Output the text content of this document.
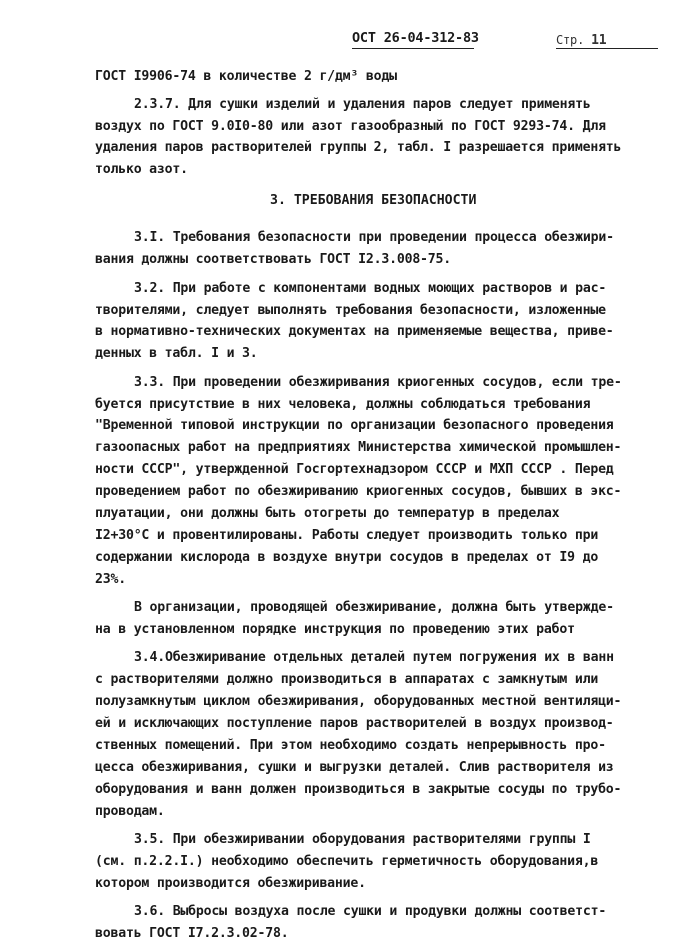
ОСТ 26-04-312-83	Стр. 11
ГОСТ I9906-74 в количестве 2 г/дм³ воды
2.3.7. Для сушки изделий и удаления паров следует применять
воздух по ГОСТ 9.0I0-80 или азот газообразный по ГОСТ 9293-74. Для
удаления паров растворителей группы 2, табл. I разрешается применять
только азот.
3. ТРЕБОВАНИЯ БЕЗОПАСНОСТИ
3.I. Требования безопасности при проведении процесса обезжири-
вания должны соответствовать ГОСТ I2.3.008-75.
3.2. При работе с компонентами водных моющих растворов и рас-
творителями, следует выполнять требования безопасности, изложенные
в нормативно-технических документах на применяемые вещества, приве-
денных в табл. I и 3.
3.3. При проведении обезжиривания криогенных сосудов, если тре-
буется присутствие в них человека, должны соблюдаться требования
"Временной типовой инструкции по организации безопасного проведения
газоопасных работ на предприятиях Министерства химической промышлен-
ности СССР", утвержденной Госгортехнадзором СССР и МХП СССР . Перед
проведением работ по обезжириванию криогенных сосудов, бывших в экс-
плуатации, они должны быть отогреты до температур в пределах
I2+30°С и провентилированы. Работы следует производить только при
содержании кислорода в воздухе внутри сосудов в пределах от I9 до
23%.
В организации, проводящей обезжиривание, должна быть утвержде-
на в установленном порядке инструкция по проведению этих работ
3.4.Обезжиривание отдельных деталей путем погружения их в ванн
с растворителями должно производиться в аппаратах с замкнутым или
полузамкнутым циклом обезжиривания, оборудованных местной вентиляци-
ей и исключающих поступление паров растворителей в воздух производ-
ственных помещений. При этом необходимо создать непрерывность про-
цесса обезжиривания, сушки и выгрузки деталей. Слив растворителя из
оборудования и ванн должен производиться в закрытые сосуды по трубо-
проводам.
3.5. При обезжиривании оборудования растворителями группы I
(см. п.2.2.I.) необходимо обеспечить герметичность оборудования,в
котором производится обезжиривание.
3.6. Выбросы воздуха после сушки и продувки должны соответст-
вовать ГОСТ I7.2.3.02-78.
